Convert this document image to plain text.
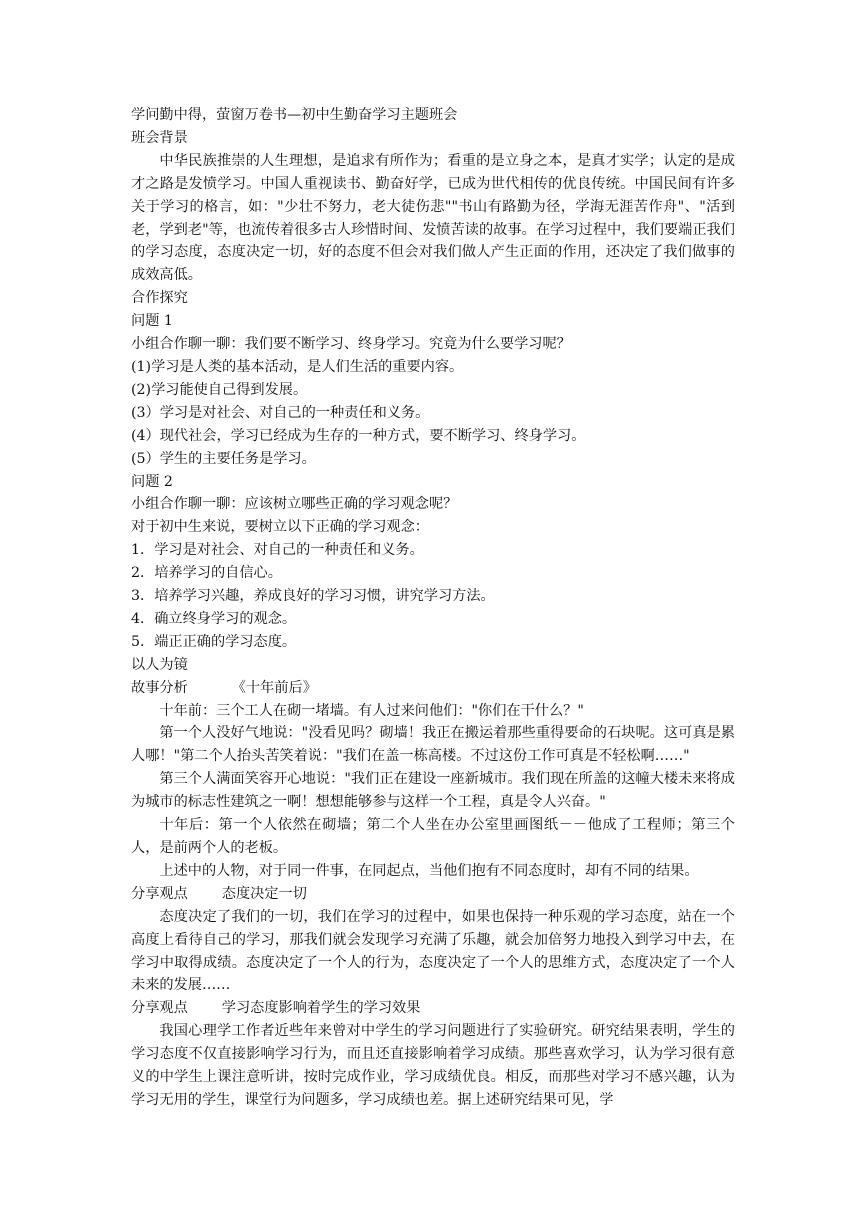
学问勤中得，萤窗万卷书—初中生勤奋学习主题班会
班会背景

中华民族推崇的人生理想，是追求有所作为；看重的是立身之本，是真才实学；认定的是成才之路是发愤学习。中国人重视读书、勤奋好学，已成为世代相传的优良传统。中国民间有许多关于学习的格言，如："少壮不努力，老大徒伤悲""书山有路勤为径，学海无涯苦作舟"、"活到老，学到老"等，也流传着很多古人珍惜时间、发愤苦读的故事。在学习过程中，我们要端正我们的学习态度，态度决定一切，好的态度不但会对我们做人产生正面的作用，还决定了我们做事的成效高低。

合作探究
问题 1
小组合作聊一聊：我们要不断学习、终身学习。究竟为什么要学习呢？
(1)学习是人类的基本活动，是人们生活的重要内容。
(2)学习能使自己得到发展。
(3）学习是对社会、对自己的一种责任和义务。
(4）现代社会，学习已经成为生存的一种方式，要不断学习、终身学习。
(5）学生的主要任务是学习。
问题 2
小组合作聊一聊：应该树立哪些正确的学习观念呢？
对于初中生来说，要树立以下正确的学习观念：
1．学习是对社会、对自己的一种责任和义务。
2．培养学习的自信心。
3．培养学习兴趣，养成良好的学习习惯，讲究学习方法。
4．确立终身学习的观念。
5．端正正确的学习态度。
以人为镜
故事分析	《十年前后》

十年前：三个工人在砌一堵墙。有人过来问他们："你们在干什么？"

第一个人没好气地说："没看见吗？砌墙！我正在搬运着那些重得要命的石块呢。这可真是累人哪！"第二个人抬头苦笑着说："我们在盖一栋高楼。不过这份工作可真是不轻松啊……"

第三个人满面笑容开心地说："我们正在建设一座新城市。我们现在所盖的这幢大楼未来将成为城市的标志性建筑之一啊！想想能够参与这样一个工程，真是令人兴奋。"

十年后：第一个人依然在砌墙；第二个人坐在办公室里画图纸－－他成了工程师；第三个人，是前两个人的老板。

上述中的人物，对于同一件事，在同起点，当他们抱有不同态度时，却有不同的结果。

分享观点 态度决定一切

态度决定了我们的一切，我们在学习的过程中，如果也保持一种乐观的学习态度，站在一个高度上看待自己的学习，那我们就会发现学习充满了乐趣，就会加倍努力地投入到学习中去，在学习中取得成绩。态度决定了一个人的行为，态度决定了一个人的思维方式，态度决定了一个人未来的发展……

分享观点 学习态度影响着学生的学习效果

我国心理学工作者近些年来曾对中学生的学习问题进行了实验研究。研究结果表明，学生的学习态度不仅直接影响学习行为，而且还直接影响着学习成绩。那些喜欢学习，认为学习很有意义的中学生上课注意听讲，按时完成作业，学习成绩优良。相反，而那些对学习不感兴趣，认为学习无用的学生，课堂行为问题多，学习成绩也差。据上述研究结果可见，学
